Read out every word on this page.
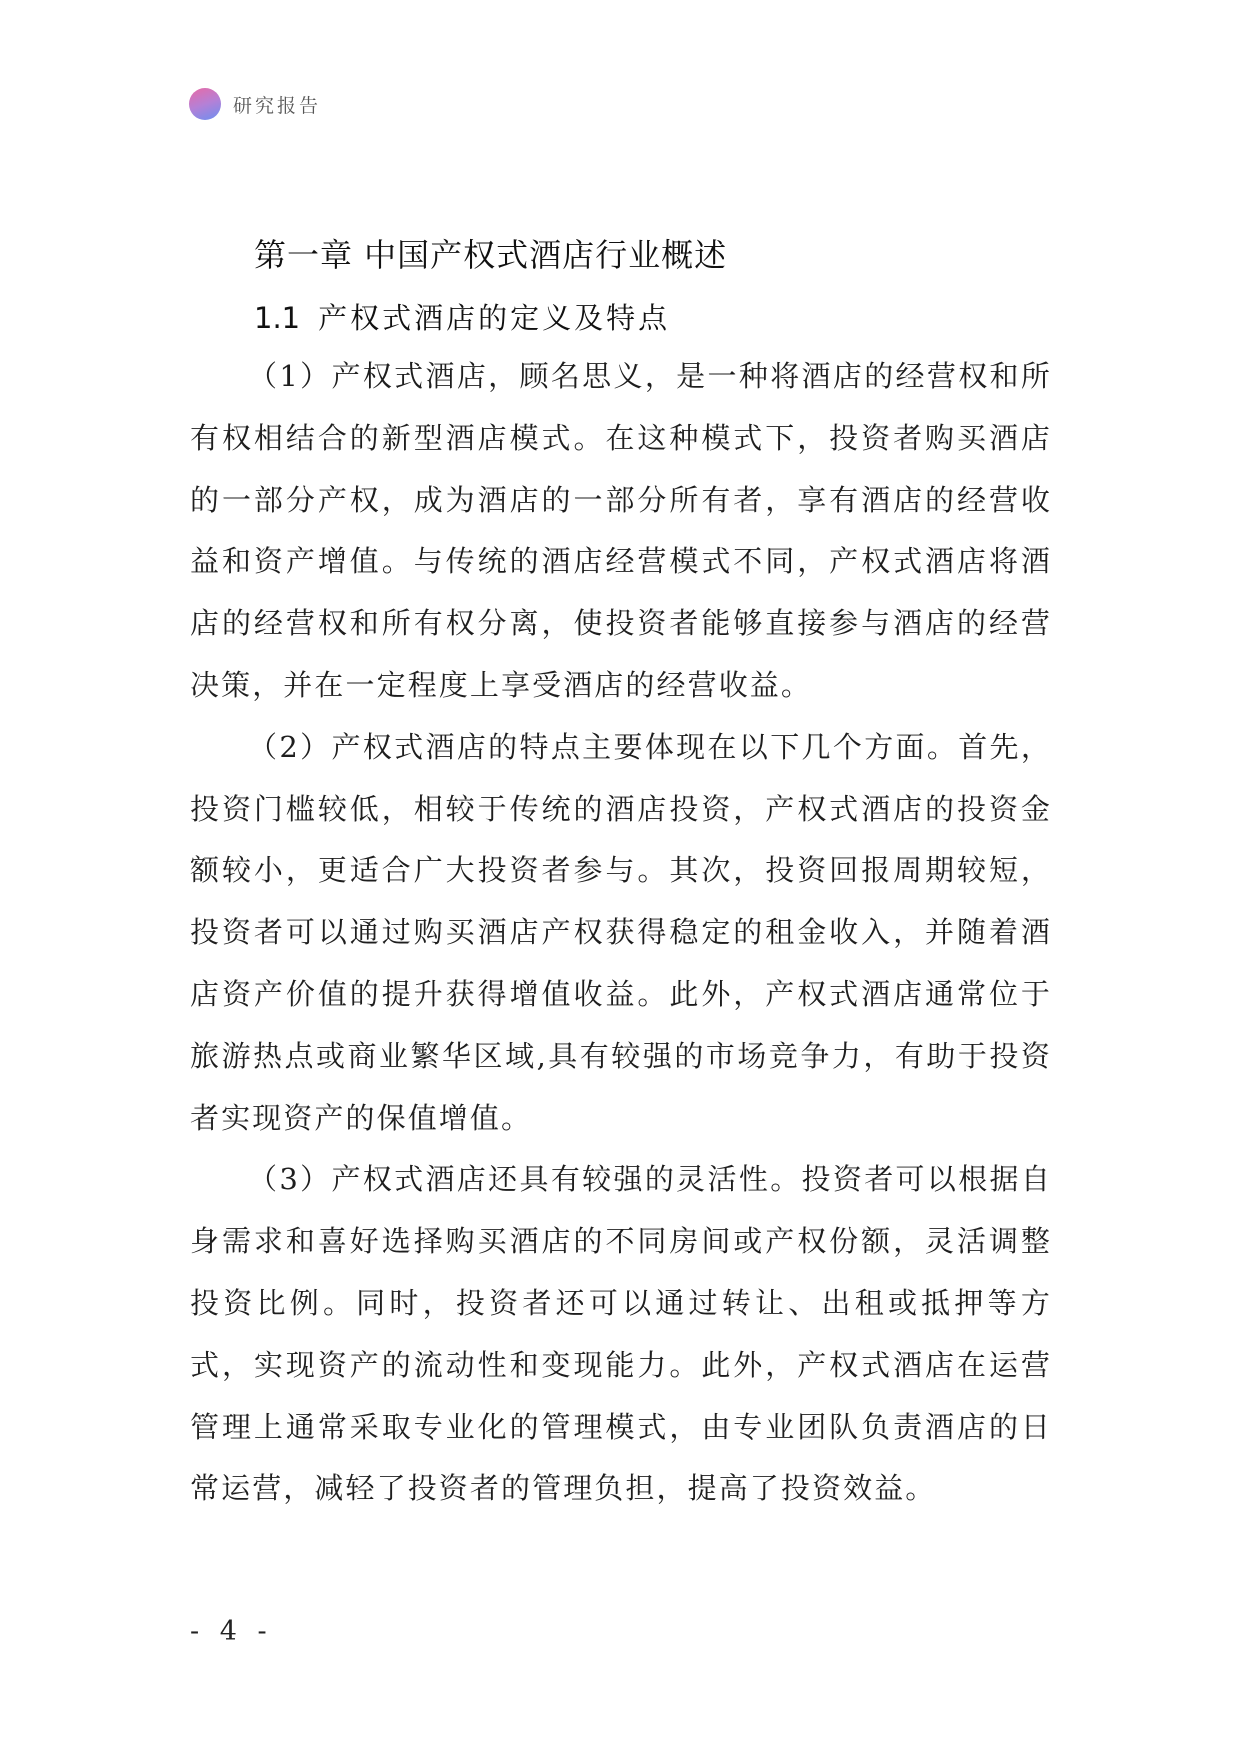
研究报告
第一章 中国产权式酒店行业概述
1.1 产权式酒店的定义及特点

（1）产权式酒店，顾名思义，是一种将酒店的经营权和所有权相结合的新型酒店模式。在这种模式下，投资者购买酒店的一部分产权，成为酒店的一部分所有者，享有酒店的经营收益和资产增值。与传统的酒店经营模式不同，产权式酒店将酒店的经营权和所有权分离，使投资者能够直接参与酒店的经营决策，并在一定程度上享受酒店的经营收益。

（2）产权式酒店的特点主要体现在以下几个方面。首先，投资门槛较低，相较于传统的酒店投资，产权式酒店的投资金额较小，更适合广大投资者参与。其次，投资回报周期较短，投资者可以通过购买酒店产权获得稳定的租金收入，并随着酒店资产价值的提升获得增值收益。此外，产权式酒店通常位于旅游热点或商业繁华区域,具有较强的市场竞争力，有助于投资者实现资产的保值增值。

（3）产权式酒店还具有较强的灵活性。投资者可以根据自身需求和喜好选择购买酒店的不同房间或产权份额，灵活调整投资比例。同时，投资者还可以通过转让、出租或抵押等方式，实现资产的流动性和变现能力。此外，产权式酒店在运营管理上通常采取专业化的管理模式，由专业团队负责酒店的日常运营，减轻了投资者的管理负担，提高了投资效益。

- 4 -
